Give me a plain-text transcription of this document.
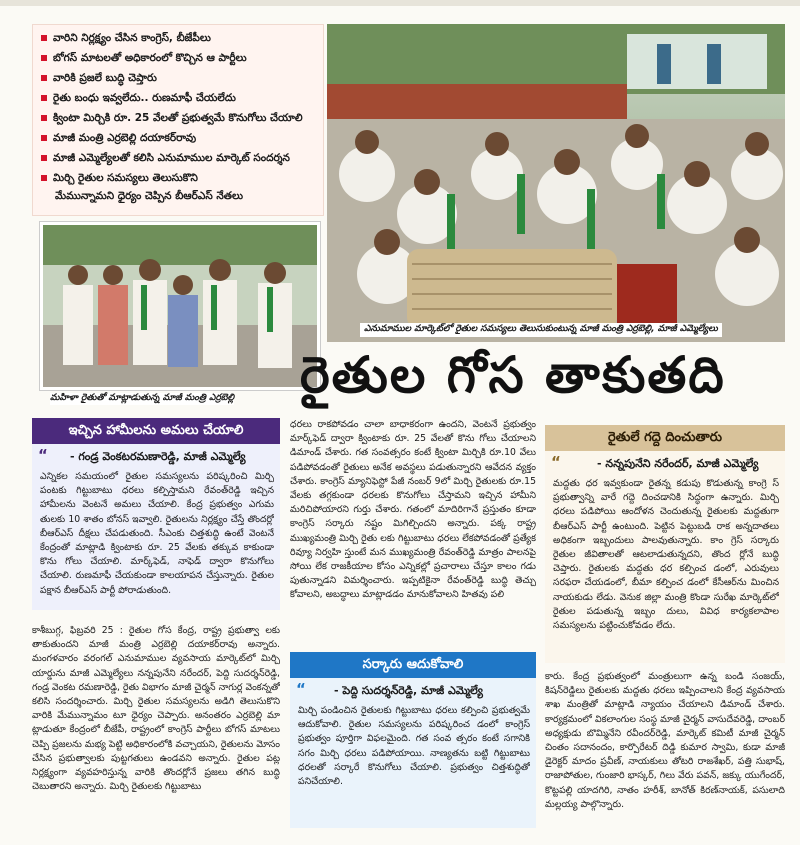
వారిని నిర్లక్ష్యం చేసిన కాంగ్రెస్, బీజేపీలు
బోగస్ మాటలతో అధికారంలో కొచ్చిన ఆ పార్టీలు
వారికి ప్రజలే బుద్ధి చెప్తారు
రైతు బంధు ఇవ్వలేదు.. రుణమాఫీ చేయలేదు
క్వింటా మిర్చికి రూ. 25 వేలతో ప్రభుత్వమే కొనుగోలు చేయాలి
మాజీ మంత్రి ఎర్రబెల్లి దయాకర్‌రావు
మాజీ ఎమ్మెల్యేలతో కలిసి ఎనుమాముల మార్కెట్ సందర్శన
మిర్చి రైతుల సమస్యలు తెలుసుకొని
మేమున్నామని ధైర్యం చెప్పిన బీఆర్ఎస్ నేతలు
ఎనుమాముల మార్కెట్‌లో రైతుల సమస్యలు తెలుసుకుంటున్న మాజీ మంత్రి ఎర్రబెల్లి, మాజీ ఎమ్మెల్యేలు
మహిళా రైతుతో మాట్లాడుతున్న మాజీ మంత్రి ఎర్రబెల్లి రైతుల గోస తాకుతది
ఇచ్చిన హామీలను అమలు చేయాలి
“ - గండ్ర వెంకటరమణారెడ్డి, మాజీ ఎమ్మెల్యే

ఎన్నికల సమయంలో రైతుల సమస్యలను పరిష్కరించి మిర్చి పంటకు గిట్టుబాటు ధరలు కల్పిస్తామని రేవంత్‌రెడ్డి ఇచ్చిన హామీలను వెంటనే అమలు చేయాలి. కేంద్ర ప్రభుత్వం ఎగుమ తులకు 10 శాతం బోనస్ ఇవ్వాలి. రైతులను నిర్లక్ష్యం చేస్తే తొందర్లో బీఆర్ఎస్ దీక్షలు చేపడుతుంది. సీఎంకు చిత్తశుద్ధి ఉంటే వెంటనే కేంద్రంతో మాట్లాడి క్వింటాకు రూ. 25 వేలకు తక్కువ కాకుండా కొను గోలు చేయాలి. మార్క్‌ఫెడ్, నాఫెడ్ ద్వారా కొనుగోలు చేయాలి. రుణమాఫీ చేయకుండా కాలయాపన చేస్తున్నారు. రైతుల పక్షాన బీఆర్ఎస్ పార్టీ పోరాడుతుంది.

కాశీబుగ్గ, ఫిబ్రవరి 25 : రైతుల గోస కేంద్ర, రాష్ట్ర ప్రభుత్వా లకు తాకుతుందని మాజీ మంత్రి ఎర్రబెల్లి దయాకర్‌రావు అన్నారు. మంగళవారం వరంగల్ ఎనుమాముల వ్యవసాయ మార్కెట్‌లో మిర్చి యార్డును మాజీ ఎమ్మెల్యేలు నన్నపునేని నరేందర్, పెద్ది సుదర్శన్‌రెడ్డి, గండ్ర వెంకట రమణారెడ్డి, రైతు విభాగం మాజీ చైర్మన్ నాగుర్ల వెంకన్నతో కలిసి సందర్శించారు. మిర్చి రైతుల సమస్యలను అడిగి తెలుసుకొని వారికి మేమున్నామం టూ ధైర్యం చెప్పారు. అనంతరం ఎర్రబెల్లి మా ట్లాడుతూ కేంద్రంలో బీజేపీ, రాష్ట్రంలో కాంగ్రెస్ పార్టీలు బోగస్ మాటలు చెప్పి ప్రజలను మభ్య పెట్టి అధికారంలోకి వచ్చాయని, రైతులను మోసం చేసిన ప్రభుత్వాలకు పుట్టగతులు ఉండవని అన్నారు. రైతుల పట్ల నిర్లక్ష్యంగా వ్యవహరిస్తున్న వారికి తొందర్లోనే ప్రజలు తగిన బుద్ధి చెబుతారని అన్నారు. మిర్చి రైతులకు గిట్టుబాటు

ధరలు రాకపోవడం చాలా బాధాకరంగా ఉందని, వెంటనే ప్రభుత్వం మార్క్‌ఫెడ్ ద్వారా క్వింటాకు రూ. 25 వేలతో కొను గోలు చేయాలని డిమాండ్ చేశారు. గత సంవత్సరం కంటే క్వింటా మిర్చికి రూ.10 వేలు పడిపోవడంతో రైతులు అనేక అవస్థలు పడుతున్నారని ఆవేదన వ్యక్తం చేశారు. కాంగ్రెస్ మ్యానిఫెస్టో పేజీ నంబర్ 9లో మిర్చి రైతులకు రూ.15 వేలకు తగ్గకుండా ధరలకు కొనుగోలు చేస్తామని ఇచ్చిన హామీని మరిచిపోయారని గుర్తు చేశారు. గతంలో మాదిరిగానే ప్రస్తుతం కూడా కాంగ్రెస్ సర్కారు నష్టం మిగిల్చిందని అన్నారు. పక్క రాష్ట్ర ముఖ్యమంత్రి మిర్చి రైతు లకు గిట్టుబాటు ధరలు లేకపోవడంతో ప్రత్యేక రివ్యూ నిర్వహి స్తుంటే మన ముఖ్యమంత్రి రేవంత్‌రెడ్డి మాత్రం పాలనపై సోయి లేక రాజకీయాల కోసం ఎన్నికల్లో ప్రచారాలు చేస్తూ కాలం గడు పుతున్నాడని విమర్శించారు. ఇప్పటికైనా రేవంత్‌రెడ్డి బుద్ధి తెచ్చు కోవాలని, అబద్ధాలు మాట్లాడడం మానుకోవాలని హితవు పలి

సర్కారు ఆదుకోవాలి
“	- పెద్ది సుదర్శన్‌రెడ్డి, మాజీ ఎమ్మెల్యే

మిర్చి పండించిన రైతులకు గిట్టుబాటు ధరలు కల్పించి ప్రభుత్వమే ఆదుకోవాలి. రైతుల సమస్యలను పరిష్కరించ డంలో కాంగ్రెస్ ప్రభుత్వం పూర్తిగా విఫలమైంది. గత సంవ త్సరం కంటే సగానికి సగం మిర్చి ధరలు పడిపోయాయి. నాణ్యతను బట్టి గిట్టుబాటు ధరలతో సర్కారే కొనుగోలు చేయాలి. ప్రభుత్వం చిత్తశుద్ధితో పనిచేయాలి.

రైతులే గద్దె దించుతారు
“	- నన్నపునేని నరేందర్, మాజీ ఎమ్మెల్యే

మద్దతు ధర ఇవ్వకుండా రైతన్న కడుపు కొడుతున్న కాంగ్రె స్ ప్రభుత్వాన్ని వారే గద్దె దించడానికి సిద్ధంగా ఉన్నారు. మిర్చి ధరలు పడిపోయి ఆందోళన చెందుతున్న రైతులకు మద్దతుగా బీఆర్ఎస్ పార్టీ ఉంటుంది. పెట్టిన పెట్టుబడి రాక అన్నదాతలు అధికంగా ఇబ్బందులు పాలవుతున్నారు. కాం గ్రెస్ సర్కారు రైతుల జీవితాలతో ఆటలాడుతున్నదని, తొంద ర్లోనే బుద్ధి చెప్తారు. రైతులకు మద్దతు ధర కల్పించ డంలో, ఎరువులు సరఫరా చేయడంలో, బీమా కల్పించ డంలో కేసీఆర్‌ను మించిన నాయకుడు లేడు. వెనుక జిల్లా మంత్రి కొండా సురేఖ మార్కెట్‌లో రైతుల పడుతున్న ఇబ్బం దులు, వివిధ కార్యకలాపాల సమస్యలను పట్టించుకోవడం లేదు.

కారు. కేంద్ర ప్రభుత్వంలో మంత్రులుగా ఉన్న బండి సంజయ్, కిషన్‌రెడ్డిలు రైతులకు మద్దతు ధరలు ఇప్పించాలని కేంద్ర వ్యవసాయ శాఖ మంత్రితో మాట్లాడి న్యాయం చేయాలని డిమాండ్ చేశారు. కార్యక్రమంలో వికలాంగుల సంస్థ మాజీ చైర్మన్ వాసుదేవరెడ్డి, దాంబర్ అధ్యక్షుడు బొమ్మినేని రవీందర్‌రెడ్డి, మార్కెట్ కమిటీ మాజీ చైర్మన్ చింతం సదానందం, కార్పొరేటర్ దిడ్డి కుమార స్వామి, కుడా మాజీ డైరెక్టర్ మాదం ప్రవీణ్, నాయకులు తోటరి రాజశేఖర్, పత్తి సుభాష్, రాజాపోతుల, గుంజారి భాస్కర్, గిలు వేరు పవన్, జక్కు యుగేందర్, కొట్టపల్లి యాదగిరి, నాతం హరీశ్, బానోత్ కిరణ్‌నాయక్, పసులాది మల్లయ్య పాల్గొన్నారు.
